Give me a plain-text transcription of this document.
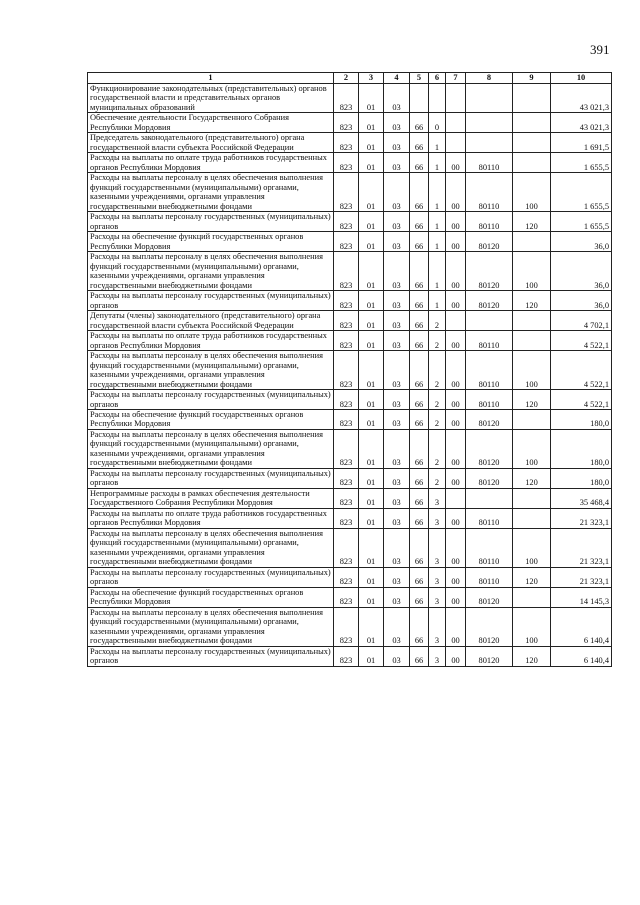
391
1	2	3	4	5	6	7	8	9	10
Функционирование законодательных (представительных) органов государственной власти и представительных органов муниципальных образований	823	01	03						43 021,3
Обеспечение деятельности Государственного Собрания Республики Мордовия	823	01	03	66	0				43 021,3
Председатель законодательного (представительного) органа государственной власти субъекта Российской Федерации	823	01	03	66	1				1 691,5
Расходы на выплаты по оплате труда работников государственных органов Республики Мордовия	823	01	03	66	1	00	80110		1 655,5
Расходы на выплаты персоналу в целях обеспечения выполнения функций государственными (муниципальными) органами, казенными учреждениями, органами управления государственными внебюджетными фондами	823	01	03	66	1	00	80110	100	1 655,5
Расходы на выплаты персоналу государственных (муниципальных) органов	823	01	03	66	1	00	80110	120	1 655,5
Расходы на обеспечение функций государственных органов Республики Мордовия	823	01	03	66	1	00	80120		36,0
Расходы на выплаты персоналу в целях обеспечения выполнения функций государственными (муниципальными) органами, казенными учреждениями, органами управления государственными внебюджетными фондами	823	01	03	66	1	00	80120	100	36,0
Расходы на выплаты персоналу государственных (муниципальных) органов	823	01	03	66	1	00	80120	120	36,0
Депутаты (члены) законодательного (представительного) органа государственной власти субъекта Российской Федерации	823	01	03	66	2				4 702,1
Расходы на выплаты по оплате труда работников государственных органов Республики Мордовия	823	01	03	66	2	00	80110		4 522,1
Расходы на выплаты персоналу в целях обеспечения выполнения функций государственными (муниципальными) органами, казенными учреждениями, органами управления государственными внебюджетными фондами	823	01	03	66	2	00	80110	100	4 522,1
Расходы на выплаты персоналу государственных (муниципальных) органов	823	01	03	66	2	00	80110	120	4 522,1
Расходы на обеспечение функций государственных органов Республики Мордовия	823	01	03	66	2	00	80120		180,0
Расходы на выплаты персоналу в целях обеспечения выполнения функций государственными (муниципальными) органами, казенными учреждениями, органами управления государственными внебюджетными фондами	823	01	03	66	2	00	80120	100	180,0
Расходы на выплаты персоналу государственных (муниципальных) органов	823	01	03	66	2	00	80120	120	180,0
Непрограммные расходы в рамках обеспечения деятельности Государственного Собрания Республики Мордовия	823	01	03	66	3				35 468,4
Расходы на выплаты по оплате труда работников государственных органов Республики Мордовия	823	01	03	66	3	00	80110		21 323,1
Расходы на выплаты персоналу в целях обеспечения выполнения функций государственными (муниципальными) органами, казенными учреждениями, органами управления государственными внебюджетными фондами	823	01	03	66	3	00	80110	100	21 323,1
Расходы на выплаты персоналу государственных (муниципальных) органов	823	01	03	66	3	00	80110	120	21 323,1
Расходы на обеспечение функций государственных органов Республики Мордовия	823	01	03	66	3	00	80120		14 145,3
Расходы на выплаты персоналу в целях обеспечения выполнения функций государственными (муниципальными) органами, казенными учреждениями, органами управления государственными внебюджетными фондами	823	01	03	66	3	00	80120	100	6 140,4
Расходы на выплаты персоналу государственных (муниципальных) органов	823	01	03	66	3	00	80120	120	6 140,4
